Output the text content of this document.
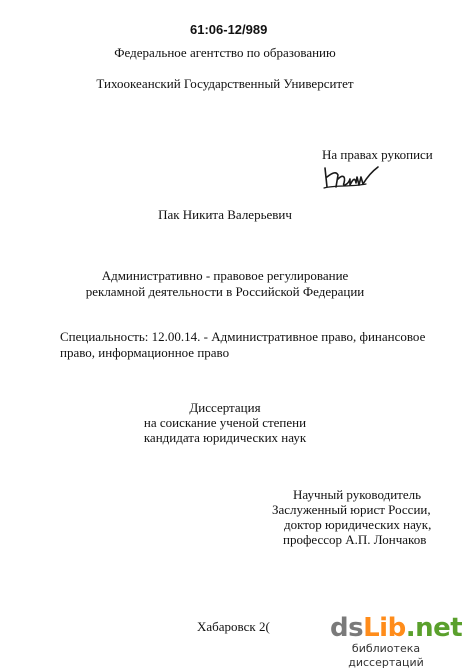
61:06-12/989
Федеральное агентство по образованию
Тихоокеанский Государственный Университет
На правах рукописи
Пак Никита Валерьевич
Административно - правовое регулирование
рекламной деятельности в Российской Федерации
Специальность: 12.00.14. - Административное право, финансовое
право, информационное право
Диссертация
на соискание ученой степени
кандидата юридических наук
Научный руководитель
Заслуженный юрист России,
доктор юридических наук,
профессор А.П. Лончаков
Хабаровск 2( dsLib.net
библиотека диссертаций
